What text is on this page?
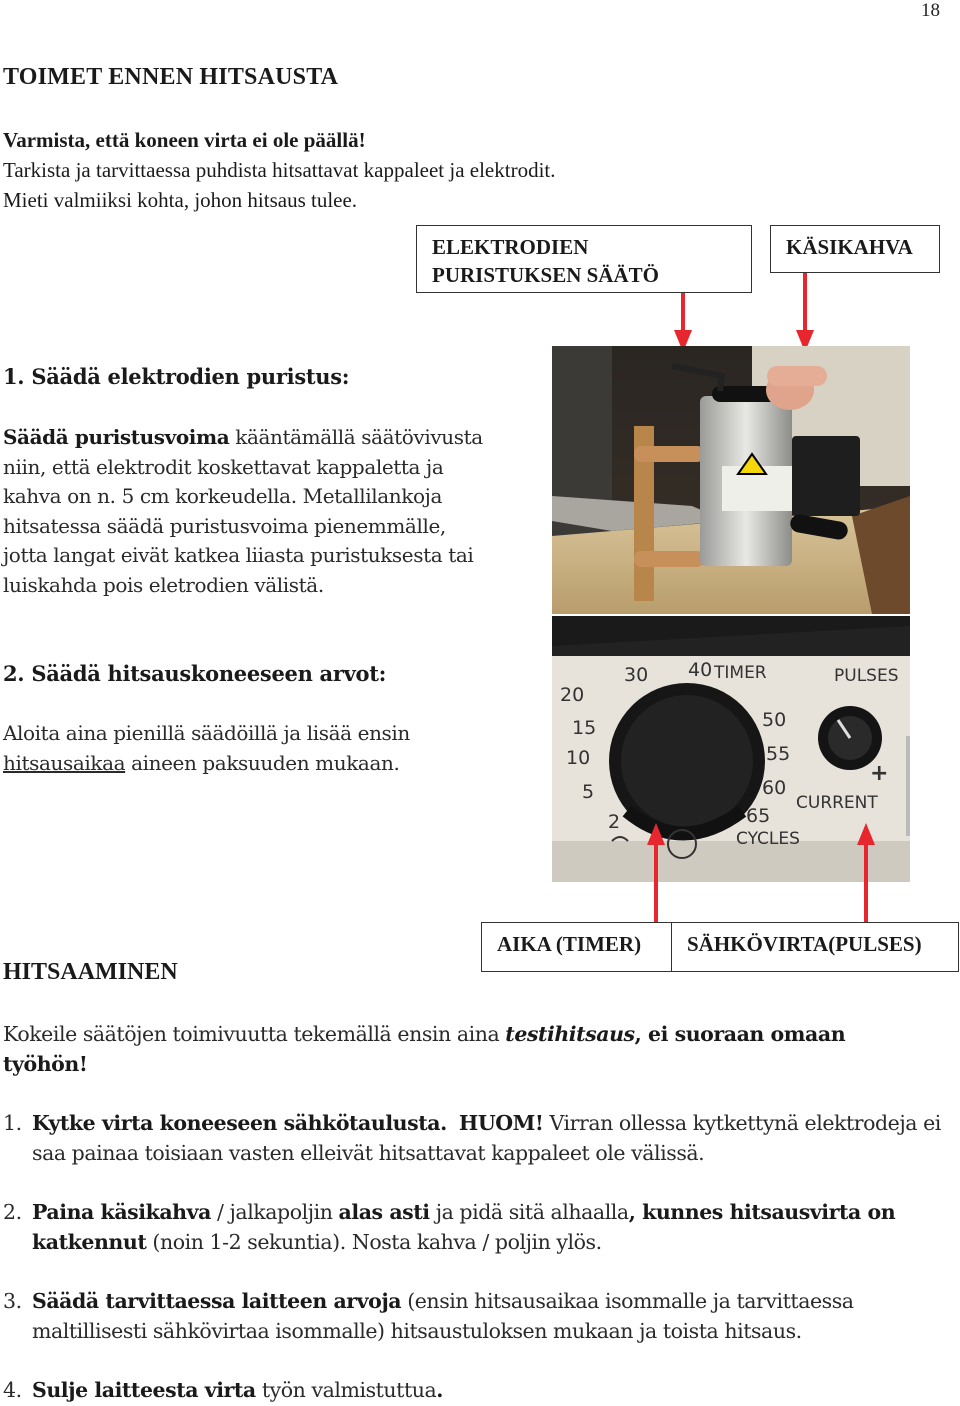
18
TOIMET ENNEN HITSAUSTA
Varmista, että koneen virta ei ole päällä!
Tarkista ja tarvittaessa puhdista hitsattavat kappaleet ja elektrodit.
Mieti valmiiksi kohta, johon hitsaus tulee.
ELEKTRODIEN
PURISTUKSEN SÄÄTÖ
KÄSIKAHVA
1. Säädä elektrodien puristus:
Säädä puristusvoima kääntämällä säätövivusta
niin, että elektrodit koskettavat kappaletta ja
kahva on n. 5 cm korkeudella. Metallilankoja
hitsatessa säädä puristusvoima pienemmälle,
jotta langat eivät katkea liiasta puristuksesta tai
luiskahda pois eletrodien välistä.
2. Säädä hitsauskoneeseen arvot:
Aloita aina pienillä säädöillä ja lisää ensin
hitsausaikaa aineen paksuuden mukaan.
20
15
10
5
2
30 40 TIMER	PULSES
50
55
60
65
CYCLES
CURRENT
+
AIKA (TIMER)	SÄHKÖVIRTA(PULSES)
HITSAAMINEN
Kokeile säätöjen toimivuutta tekemällä ensin aina testihitsaus, ei suoraan omaan
työhön!
1. Kytke virta koneeseen sähkötaulusta. HUOM! Virran ollessa kytkettynä elektrodeja ei saa painaa toisiaan vasten elleivät hitsattavat kappaleet ole välissä.
2. Paina käsikahva / jalkapoljin alas asti ja pidä sitä alhaalla, kunnes hitsausvirta on katkennut (noin 1-2 sekuntia). Nosta kahva / poljin ylös.
3. Säädä tarvittaessa laitteen arvoja (ensin hitsausaikaa isommalle ja tarvittaessa maltillisesti sähkövirtaa isommalle) hitsaustuloksen mukaan ja toista hitsaus.
4. Sulje laitteesta virta työn valmistuttua.
